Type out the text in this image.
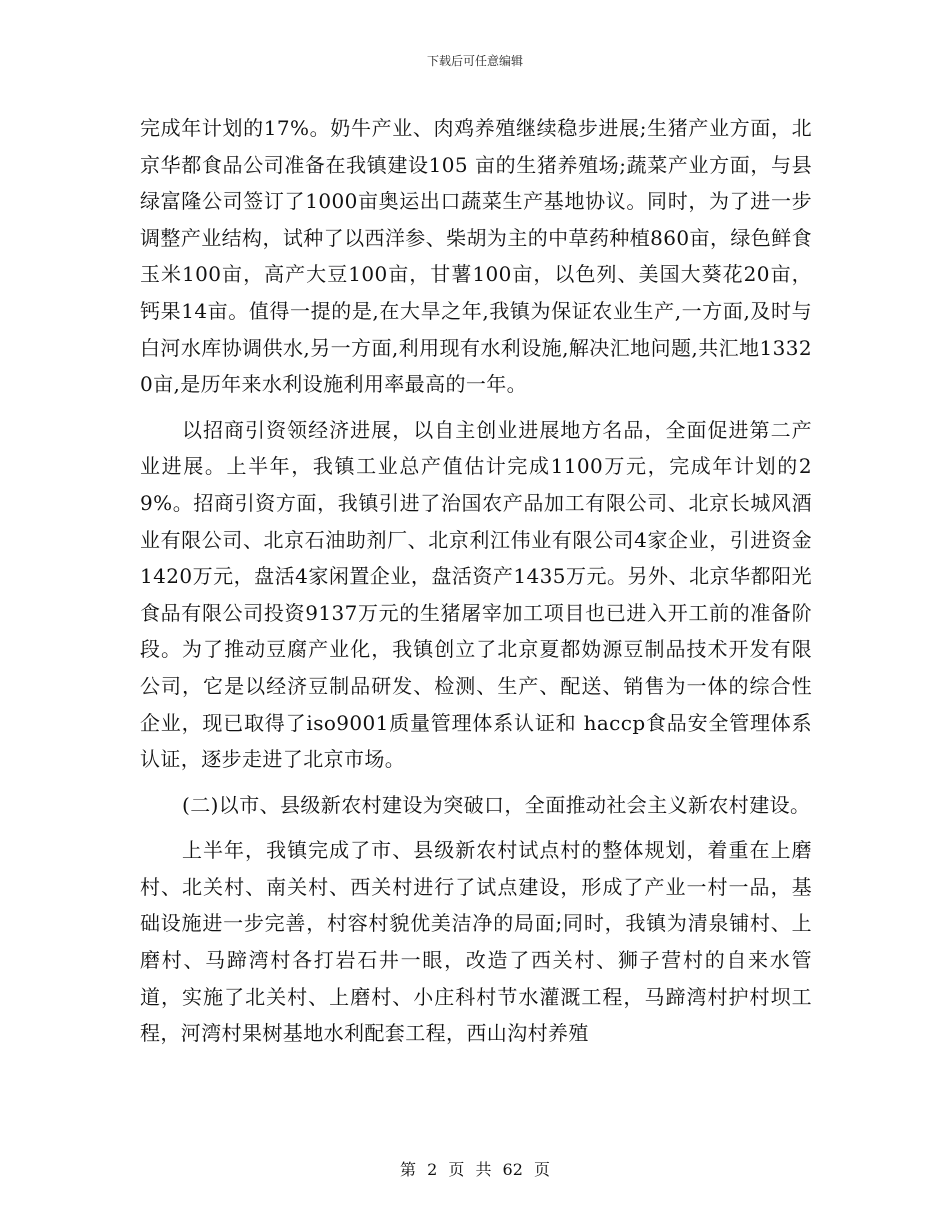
下载后可任意编辑

完成年计划的17%。奶牛产业、肉鸡养殖继续稳步进展;生猪产业方面，北京华都食品公司准备在我镇建设105 亩的生猪养殖场;蔬菜产业方面，与县绿富隆公司签订了1000亩奥运出口蔬菜生产基地协议。同时，为了进一步调整产业结构，试种了以西洋参、柴胡为主的中草药种植860亩，绿色鲜食玉米100亩，高产大豆100亩，甘薯100亩，以色列、美国大葵花20亩，钙果14亩。值得一提的是,在大旱之年,我镇为保证农业生产,一方面,及时与白河水库协调供水,另一方面,利用现有水利设施,解决汇地问题,共汇地13320亩,是历年来水利设施利用率最高的一年。

以招商引资领经济进展，以自主创业进展地方名品，全面促进第二产业进展。上半年，我镇工业总产值估计完成1100万元，完成年计划的29%。招商引资方面，我镇引进了治国农产品加工有限公司、北京长城风酒业有限公司、北京石油助剂厂、北京利江伟业有限公司4家企业，引进资金1420万元，盘活4家闲置企业，盘活资产1435万元。另外、北京华都阳光食品有限公司投资9137万元的生猪屠宰加工项目也已进入开工前的准备阶段。为了推动豆腐产业化，我镇创立了北京夏都妫源豆制品技术开发有限公司，它是以经济豆制品研发、检测、生产、配送、销售为一体的综合性企业，现已取得了iso9001质量管理体系认证和 haccp食品安全管理体系认证，逐步走进了北京市场。

(二)以市、县级新农村建设为突破口，全面推动社会主义新农村建设。

上半年，我镇完成了市、县级新农村试点村的整体规划，着重在上磨村、北关村、南关村、西关村进行了试点建设，形成了产业一村一品，基础设施进一步完善，村容村貌优美洁净的局面;同时，我镇为清泉铺村、上磨村、马蹄湾村各打岩石井一眼，改造了西关村、狮子营村的自来水管道，实施了北关村、上磨村、小庄科村节水灌溉工程，马蹄湾村护村坝工程，河湾村果树基地水利配套工程，西山沟村养殖

第 2 页 共 62 页
